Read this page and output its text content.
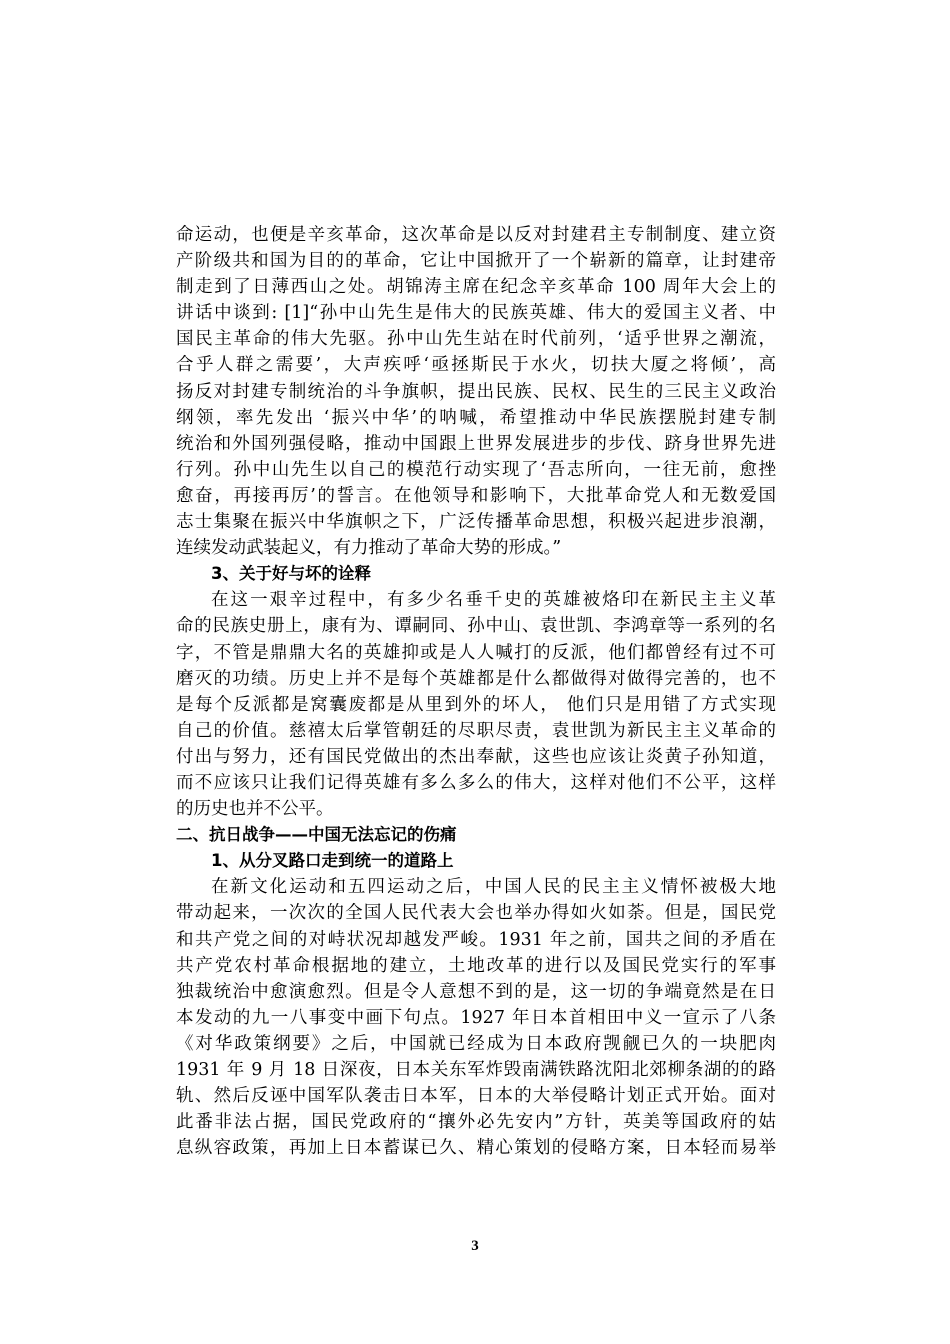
命运动，也便是辛亥革命，这次革命是以反对封建君主专制制度、建立资
产阶级共和国为目的的革命，它让中国掀开了一个崭新的篇章，让封建帝
制走到了日薄西山之处。胡锦涛主席在纪念辛亥革命 100 周年大会上的
讲话中谈到: [1]“孙中山先生是伟大的民族英雄、伟大的爱国主义者、中
国民主革命的伟大先驱。孙中山先生站在时代前列，‘适乎世界之潮流，
合乎人群之需要’，大声疾呼‘亟拯斯民于水火，切扶大厦之将倾’，高
扬反对封建专制统治的斗争旗帜，提出民族、民权、民生的三民主义政治
纲领，率先发出 ‘振兴中华’的呐喊，希望推动中华民族摆脱封建专制
统治和外国列强侵略，推动中国跟上世界发展进步的步伐、跻身世界先进
行列。孙中山先生以自己的模范行动实现了‘吾志所向，一往无前，愈挫
愈奋，再接再厉’的誓言。在他领导和影响下，大批革命党人和无数爱国
志士集聚在振兴中华旗帜之下，广泛传播革命思想，积极兴起进步浪潮，
连续发动武装起义，有力推动了革命大势的形成。”
3、关于好与坏的诠释
在这一艰辛过程中，有多少名垂千史的英雄被烙印在新民主主义革
命的民族史册上，康有为、谭嗣同、孙中山、袁世凯、李鸿章等一系列的名
字，不管是鼎鼎大名的英雄抑或是人人喊打的反派，他们都曾经有过不可
磨灭的功绩。历史上并不是每个英雄都是什么都做得对做得完善的，也不
是每个反派都是窝囊废都是从里到外的坏人， 他们只是用错了方式实现
自己的价值。慈禧太后掌管朝廷的尽职尽责，袁世凯为新民主主义革命的
付出与努力，还有国民党做出的杰出奉献，这些也应该让炎黄子孙知道，
而不应该只让我们记得英雄有多么多么的伟大，这样对他们不公平，这样
的历史也并不公平。
二、抗日战争——中国无法忘记的伤痛
1、从分叉路口走到统一的道路上
在新文化运动和五四运动之后，中国人民的民主主义情怀被极大地
带动起来，一次次的全国人民代表大会也举办得如火如荼。但是，国民党
和共产党之间的对峙状况却越发严峻。1931 年之前，国共之间的矛盾在
共产党农村革命根据地的建立，土地改革的进行以及国民党实行的军事
独裁统治中愈演愈烈。但是令人意想不到的是，这一切的争端竟然是在日
本发动的九一八事变中画下句点。1927 年日本首相田中义一宣示了八条
《对华政策纲要》之后，中国就已经成为日本政府觊觎已久的一块肥肉
1931 年 9 月 18 日深夜，日本关东军炸毁南满铁路沈阳北郊柳条湖的的路
轨、然后反诬中国军队袭击日本军，日本的大举侵略计划正式开始。面对
此番非法占据，国民党政府的“攘外必先安内”方针，英美等国政府的姑
息纵容政策，再加上日本蓄谋已久、精心策划的侵略方案，日本轻而易举
3
